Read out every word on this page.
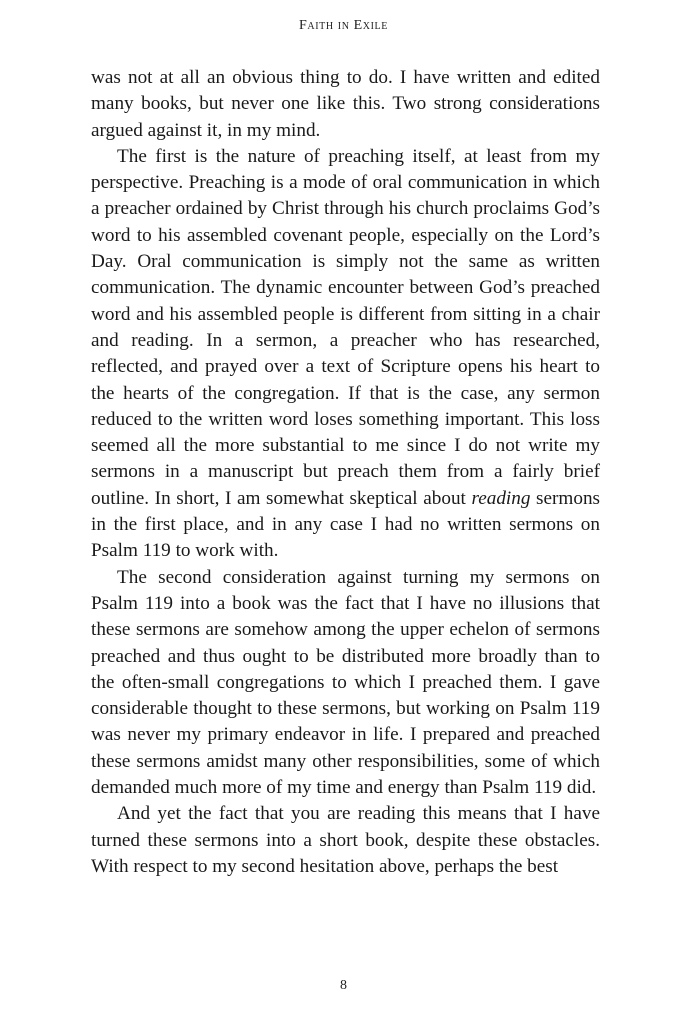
Faith in Exile

was not at all an obvious thing to do. I have written and edited many books, but never one like this. Two strong considerations argued against it, in my mind.

The first is the nature of preaching itself, at least from my perspective. Preaching is a mode of oral communication in which a preacher ordained by Christ through his church proclaims God’s word to his assembled covenant people, especially on the Lord’s Day. Oral communication is simply not the same as written communication. The dynamic encounter between God’s preached word and his assembled people is different from sitting in a chair and reading. In a sermon, a preacher who has researched, reflected, and prayed over a text of Scripture opens his heart to the hearts of the congregation. If that is the case, any sermon reduced to the written word loses something important. This loss seemed all the more substantial to me since I do not write my sermons in a manuscript but preach them from a fairly brief outline. In short, I am somewhat skeptical about reading sermons in the first place, and in any case I had no written sermons on Psalm 119 to work with.

The second consideration against turning my sermons on Psalm 119 into a book was the fact that I have no illusions that these sermons are somehow among the upper echelon of sermons preached and thus ought to be distributed more broadly than to the often-small congregations to which I preached them. I gave considerable thought to these sermons, but working on Psalm 119 was never my primary endeavor in life. I prepared and preached these sermons amidst many other responsibilities, some of which demanded much more of my time and energy than Psalm 119 did.

And yet the fact that you are reading this means that I have turned these sermons into a short book, despite these obstacles. With respect to my second hesitation above, perhaps the best

8
